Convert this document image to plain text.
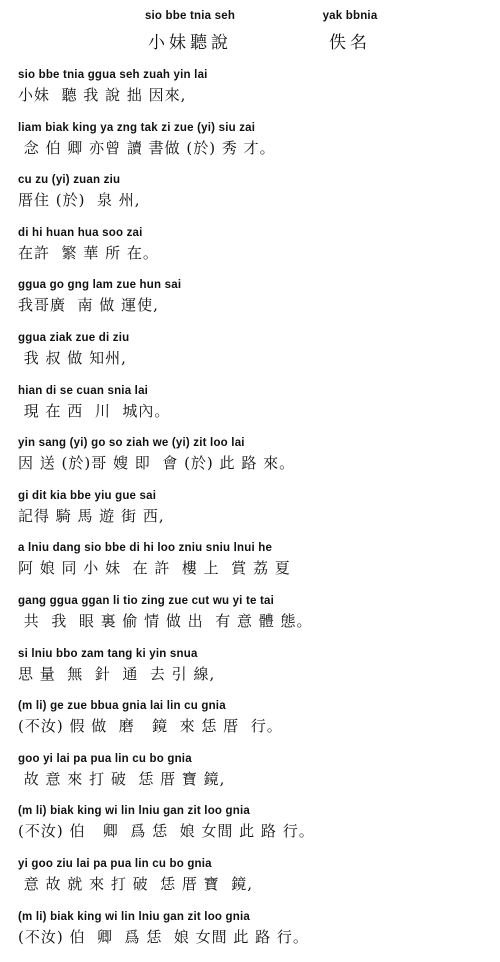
sio bbe tnia seh
小妹聽說
yak bbnia
佚名
sio bbe tnia ggua seh zuah yin lai
小妹  聽 我 說 拙 因來,
liam biak king ya zng tak zi zue (yi) siu zai
念 伯 卿 亦曾 讀 書做 (於) 秀 才。
cu zu (yi) zuan ziu
厝住 (於)  泉 州,
di hi huan hua soo zai
在許  繁 華 所 在。
ggua go gng lam zue hun sai
我哥廣  南 做 運使,
ggua ziak zue di ziu
我 叔 做 知州,
hian di se cuan snia lai
現 在 西  川  城內。
yin sang (yi) go so ziah we (yi) zit loo lai
因 送 (於)哥 嫂 即  會 (於) 此 路 來。
gi dit kia bbe yiu gue sai
記得 騎 馬 遊 街 西,
a lniu dang sio bbe di hi loo zniu sniu lnui he
阿 娘 同 小 妹  在 許  樓 上  賞 荔 夏
gang ggua ggan li tio zing zue cut wu yi te tai
共  我  眼 裏 偷 情 做 出  有 意 體 態。
si lniu bbo zam tang ki yin snua
思 量  無  針  通  去 引 線,
(m li) ge zue bbua gnia lai lin cu gnia
(不汝) 假 做  磨   鏡  來 恁 厝  行。
goo yi lai pa pua lin cu bo gnia
故 意 來 打 破  恁 厝 寶 鏡,
(m li) biak king wi lin lniu gan zit loo gnia
(不汝) 伯   卿  爲 恁  娘 女間 此 路 行。
yi goo ziu lai pa pua lin cu bo gnia
意 故 就 來 打 破  恁 厝 寶  鏡,
(m li) biak king wi lin lniu gan zit loo gnia
(不汝) 伯  卿  爲 恁  娘 女間 此 路 行。
